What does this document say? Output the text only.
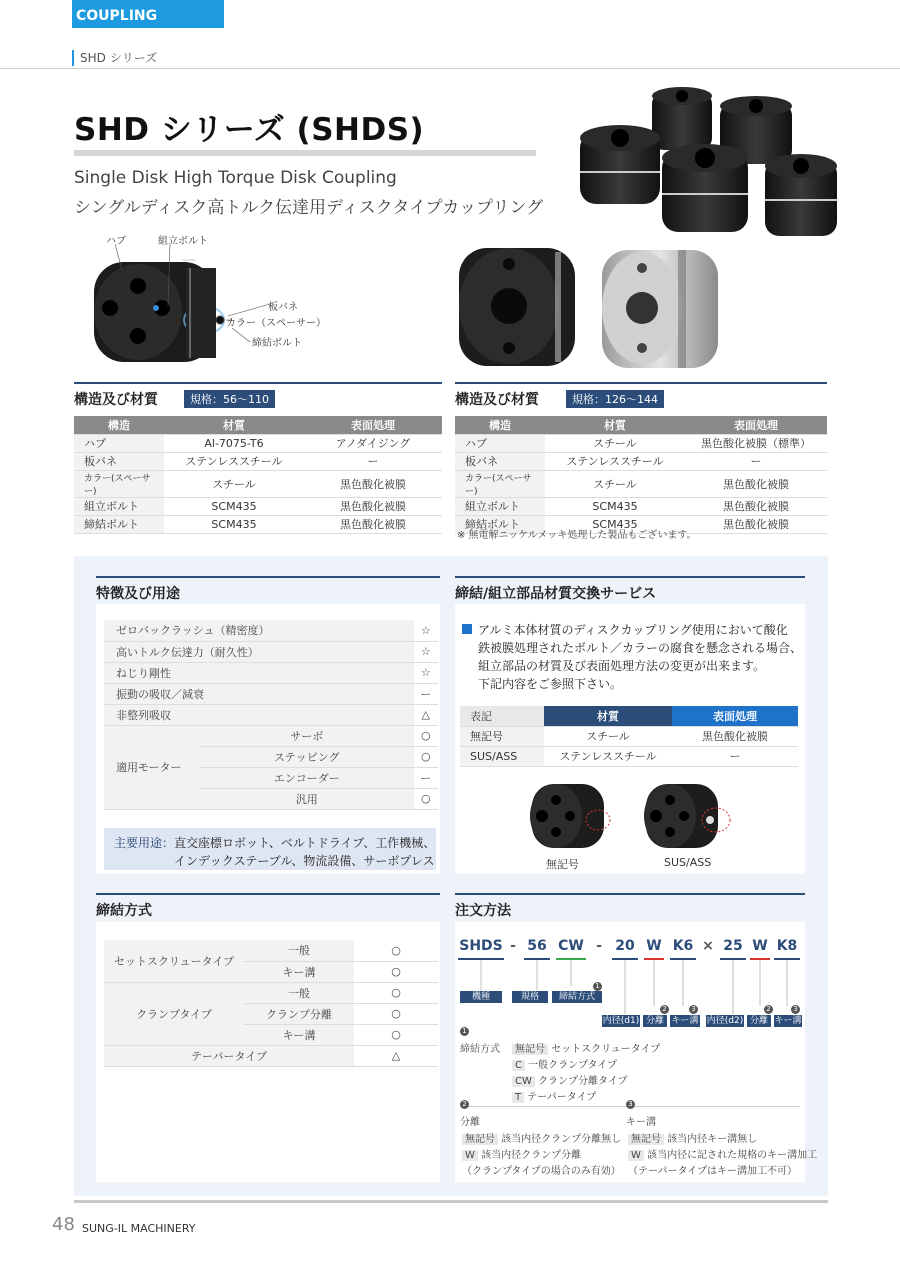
COUPLING
SHD シリーズ
SHD シリーズ (SHDS)
Single Disk High Torque Disk Coupling
シングルディスク高トルク伝達用ディスクタイプカップリング
ハブ	組立ボルト
板バネ
カラー（スペーサー）
締結ボルト
構造及び材質	規格：56〜110
構造	材質	表面処理
ハブ	Al-7075-T6	アノダイジング
板バネ	ステンレススチール	ー
カラー(スペーサー)	スチール	黒色酸化被膜
組立ボルト	SCM435	黒色酸化被膜
締結ボルト	SCM435	黒色酸化被膜
構造及び材質	規格：126〜144
構造	材質	表面処理
ハブ	スチール	黒色酸化被膜（標準）
板バネ	ステンレススチール	ー
カラー(スペーサー)	スチール	黒色酸化被膜
組立ボルト	SCM435	黒色酸化被膜
締結ボルト	SCM435	黒色酸化被膜
※ 無電解ニッケルメッキ処理した製品もございます。
特徴及び用途
ゼロバックラッシュ（精密度）		☆
高いトルク伝達力（耐久性）		☆
ねじり剛性		☆
振動の吸収／減衰		ー
非整列吸収		△
適用モーター	サーボ	○
	ステッピング	○
	エンコーダー	ー
	汎用	○
主要用途： 直交座標ロボット、ベルトドライブ、工作機械、
インデックステーブル、物流設備、サーボプレス
締結/組立部品材質交換サービス
アルミ本体材質のディスクカップリング使用において酸化
鉄被膜処理されたボルト／カラーの腐食を懸念される場合、
組立部品の材質及び表面処理方法の変更が出来ます。
下記内容をご参照下さい。
表記	材質	表面処理
無記号	スチール	黒色酸化被膜
SUS/ASS	ステンレススチール	ー
無記号	SUS/ASS
締結方式
セットスクリュータイプ	一般	○
	キー溝	○
クランプタイプ	一般	○
	クランプ分離	○
	キー溝	○
テーパータイプ		△
注文方法
SHDS - 56 CW - 20 W K6 × 25 W K8
1
機種	規格	締結方式
2	3	2	3
内径(d1) 分離 キー溝 内径(d2) 分離 キー溝
1
締結方式	無記号 セットスクリュータイプ
C 一般クランプタイプ
CW クランプ分離タイプ
T テーパータイプ
2	3
分離
無記号 該当内径クランプ分離無し
W 該当内径クランプ分離
（クランプタイプの場合のみ有効）
キー溝
無記号 該当内径キー溝無し
W 該当内径に記された規格のキー溝加工
（テーパータイプはキー溝加工不可）
48 SUNG-IL MACHINERY
